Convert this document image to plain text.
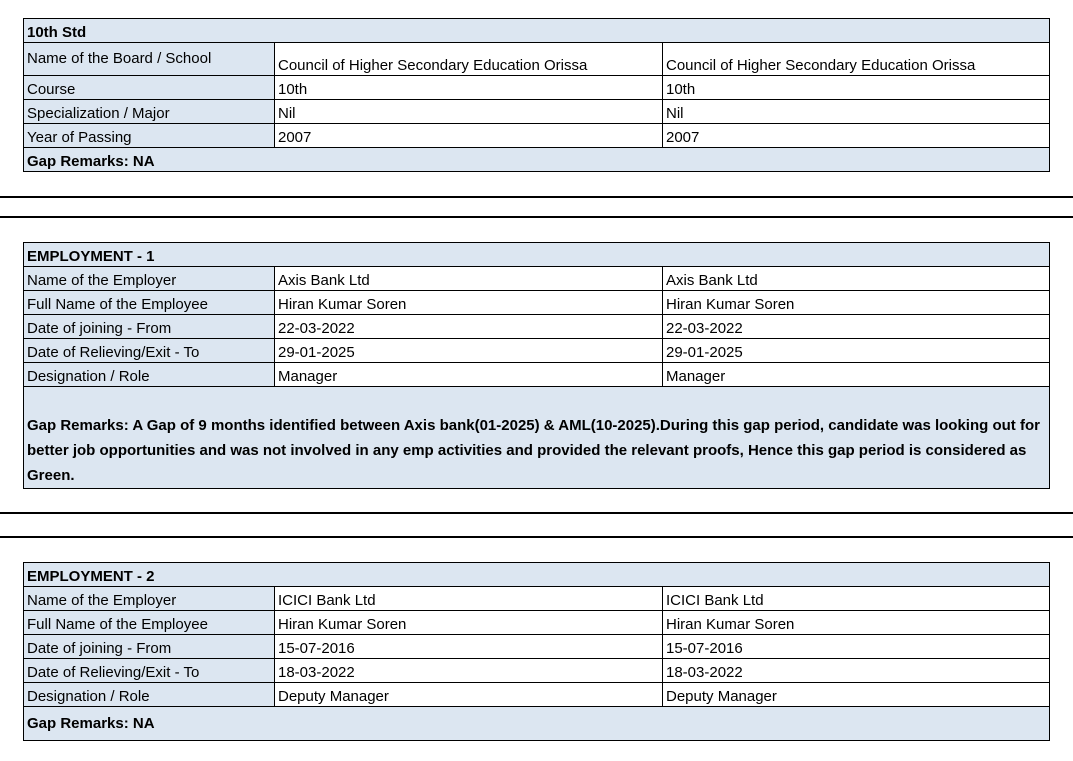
10th Std		
Name of the Board / School	Council of Higher Secondary Education Orissa	Council of Higher Secondary Education Orissa
Course	10th	10th
Specialization / Major	Nil	Nil
Year of Passing	2007	2007
Gap Remarks: NA		
EMPLOYMENT - 1		
Name of the Employer	Axis Bank Ltd	Axis Bank Ltd
Full Name of the Employee	Hiran Kumar Soren	Hiran Kumar Soren
Date of joining - From	22-03-2022	22-03-2022
Date of Relieving/Exit - To	29-01-2025	29-01-2025
Designation / Role	Manager	Manager
Gap Remarks: A Gap of 9 months identified between Axis bank(01-2025) & AML(10-2025).During this gap period, candidate was looking out for better job opportunities and was not involved in any emp activities and provided the relevant proofs, Hence this gap period is considered as Green.		
EMPLOYMENT - 2		
Name of the Employer	ICICI Bank Ltd	ICICI Bank Ltd
Full Name of the Employee	Hiran Kumar Soren	Hiran Kumar Soren
Date of joining - From	15-07-2016	15-07-2016
Date of Relieving/Exit - To	18-03-2022	18-03-2022
Designation / Role	Deputy Manager	Deputy Manager
Gap Remarks: NA		
